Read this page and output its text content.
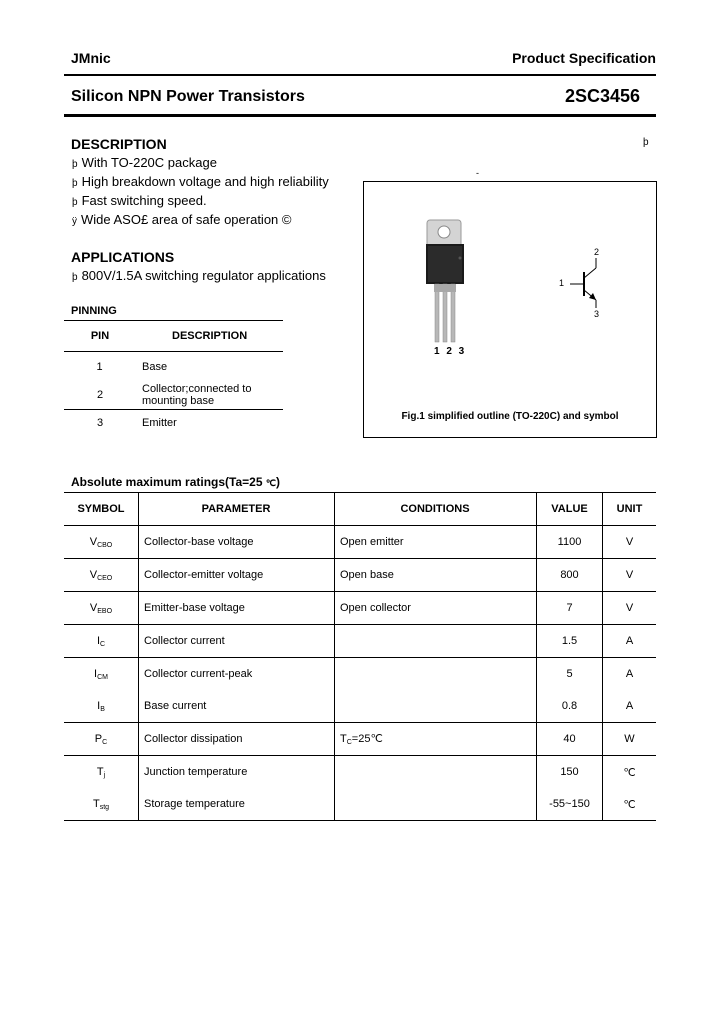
JMnic	Product Specification
Silicon NPN Power Transistors	2SC3456
DESCRIPTION	þ
þ With TO-220C package
þ High breakdown voltage and high reliability
þ Fast switching speed.
ÿ Wide ASO£ area of safe operation ©
APPLICATIONS
þ 800V/1.5A switching regulator applications
PINNING
PIN	DESCRIPTION
1	Base
2	Collector;connected to
mounting base
3	Emitter
-
1 2 3
1
2
3
Fig.1 simplified outline (TO-220C) and symbol
Absolute maximum ratings(Ta=25 ℃)
SYMBOL	PARAMETER	CONDITIONS	VALUE	UNIT
$V_{CBO}$	Collector-base voltage	Open emitter	1100	V
$V_{CEO}$	Collector-emitter voltage	Open base	800	V
$V_{EBO}$	Emitter-base voltage	Open collector	7	V
$I_C$	Collector current		1.5	A
$I_{CM}$	Collector current-peak		5	A
$I_B$	Base current		0.8	A
$P_C$	Collector dissipation	$T_C=25℃$	40	W
$T_j$	Junction temperature		150	℃
$T_{stg}$	Storage temperature		-55~150	℃
